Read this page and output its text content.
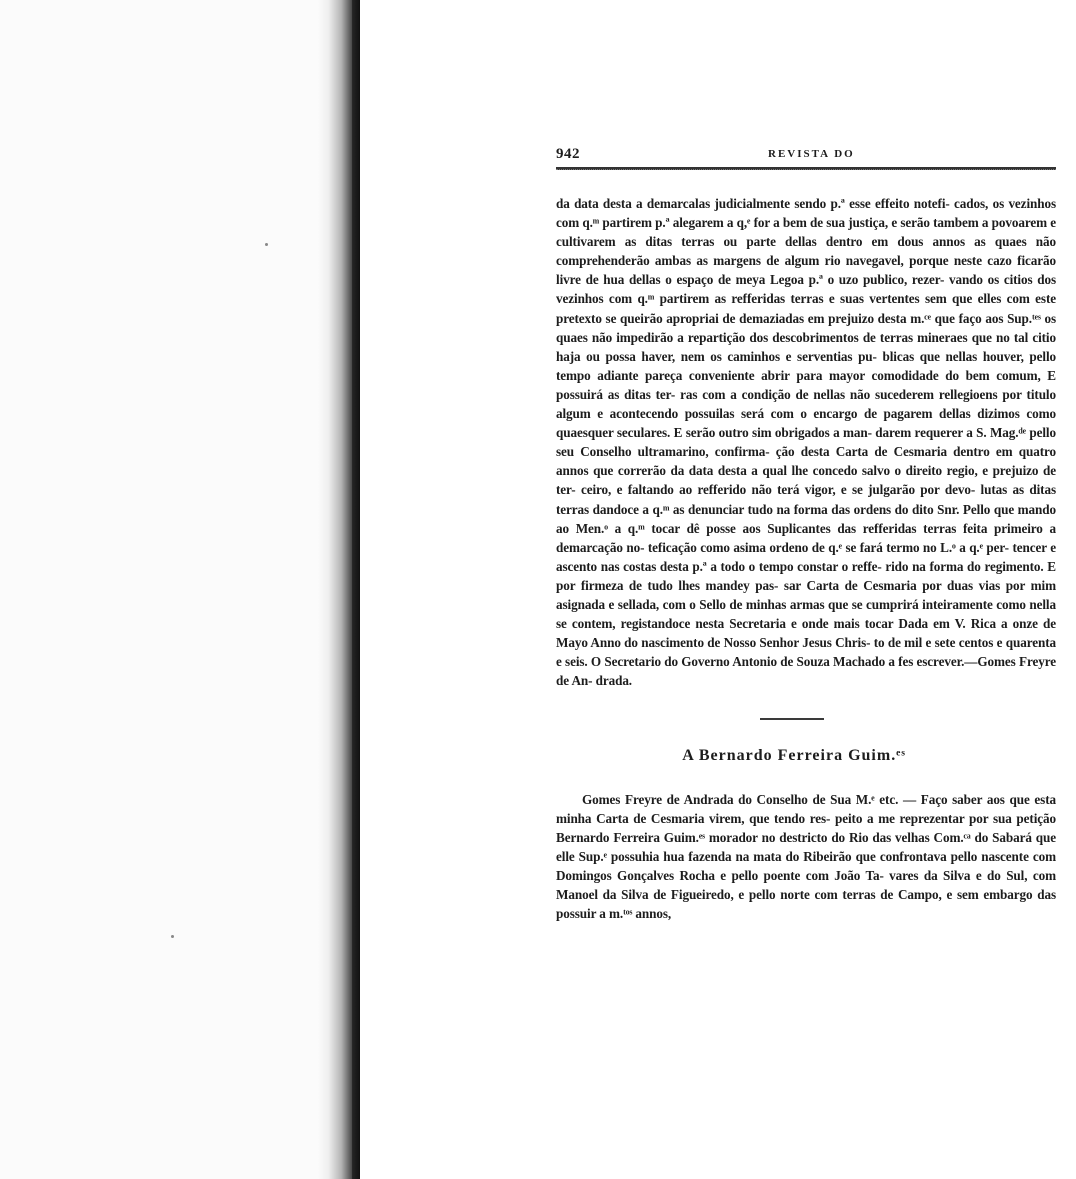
942	REVISTA DO

da data desta a demarcalas judicialmente sendo p.ª esse effeito notefi- cados, os vezinhos com q.ᵐ partirem p.ª alegarem a q,ᵉ for a bem de sua justiça, e serão tambem a povoarem e cultivarem as ditas terras ou parte dellas dentro em dous annos as quaes não comprehenderão ambas as margens de algum rio navegavel, porque neste cazo ficarão livre de hua dellas o espaço de meya Legoa p.ª o uzo publico, rezer- vando os citios dos vezinhos com q.ᵐ partirem as refferidas terras e suas vertentes sem que elles com este pretexto se queirão apropriai de demaziadas em prejuizo desta m.ᶜᵉ que faço aos Sup.ᵗᵉˢ os quaes não impedirão a repartição dos descobrimentos de terras mineraes que no tal citio haja ou possa haver, nem os caminhos e serventias pu- blicas que nellas houver, pello tempo adiante pareça conveniente abrir para mayor comodidade do bem comum, E possuirá as ditas ter- ras com a condição de nellas não sucederem rellegioens por titulo algum e acontecendo possuilas será com o encargo de pagarem dellas dizimos como quaesquer seculares. E serão outro sim obrigados a man- darem requerer a S. Mag.ᵈᵉ pello seu Conselho ultramarino, confirma- ção desta Carta de Cesmaria dentro em quatro annos que correrão da data desta a qual lhe concedo salvo o direito regio, e prejuizo de ter- ceiro, e faltando ao refferido não terá vigor, e se julgarão por devo- lutas as ditas terras dandoce a q.ᵐ as denunciar tudo na forma das ordens do dito Snr. Pello que mando ao Men.ᵒ a q.ᵐ tocar dê posse aos Suplicantes das refferidas terras feita primeiro a demarcação no- teficação como asima ordeno de q.ᵉ se fará termo no L.ᵒ a q.ᵉ per- tencer e ascento nas costas desta p.ª a todo o tempo constar o reffe- rido na forma do regimento. E por firmeza de tudo lhes mandey pas- sar Carta de Cesmaria por duas vias por mim asignada e sellada, com o Sello de minhas armas que se cumprirá inteiramente como nella se contem, registandoce nesta Secretaria e onde mais tocar Dada em V. Rica a onze de Mayo Anno do nascimento de Nosso Senhor Jesus Chris- to de mil e sete centos e quarenta e seis. O Secretario do Governo Antonio de Souza Machado a fes escrever.—Gomes Freyre de An- drada.

A Bernardo Ferreira Guim.ᵉˢ

Gomes Freyre de Andrada do Conselho de Sua M.ᵉ etc. — Faço saber aos que esta minha Carta de Cesmaria virem, que tendo res- peito a me reprezentar por sua petição Bernardo Ferreira Guim.ᵉˢ morador no destricto do Rio das velhas Com.ᶜᵃ do Sabará que elle Sup.ᵉ possuhia hua fazenda na mata do Ribeirão que confrontava pello nascente com Domingos Gonçalves Rocha e pello poente com João Ta- vares da Silva e do Sul, com Manoel da Silva de Figueiredo, e pello norte com terras de Campo, e sem embargo das possuir a m.ᵗᵒˢ annos,
